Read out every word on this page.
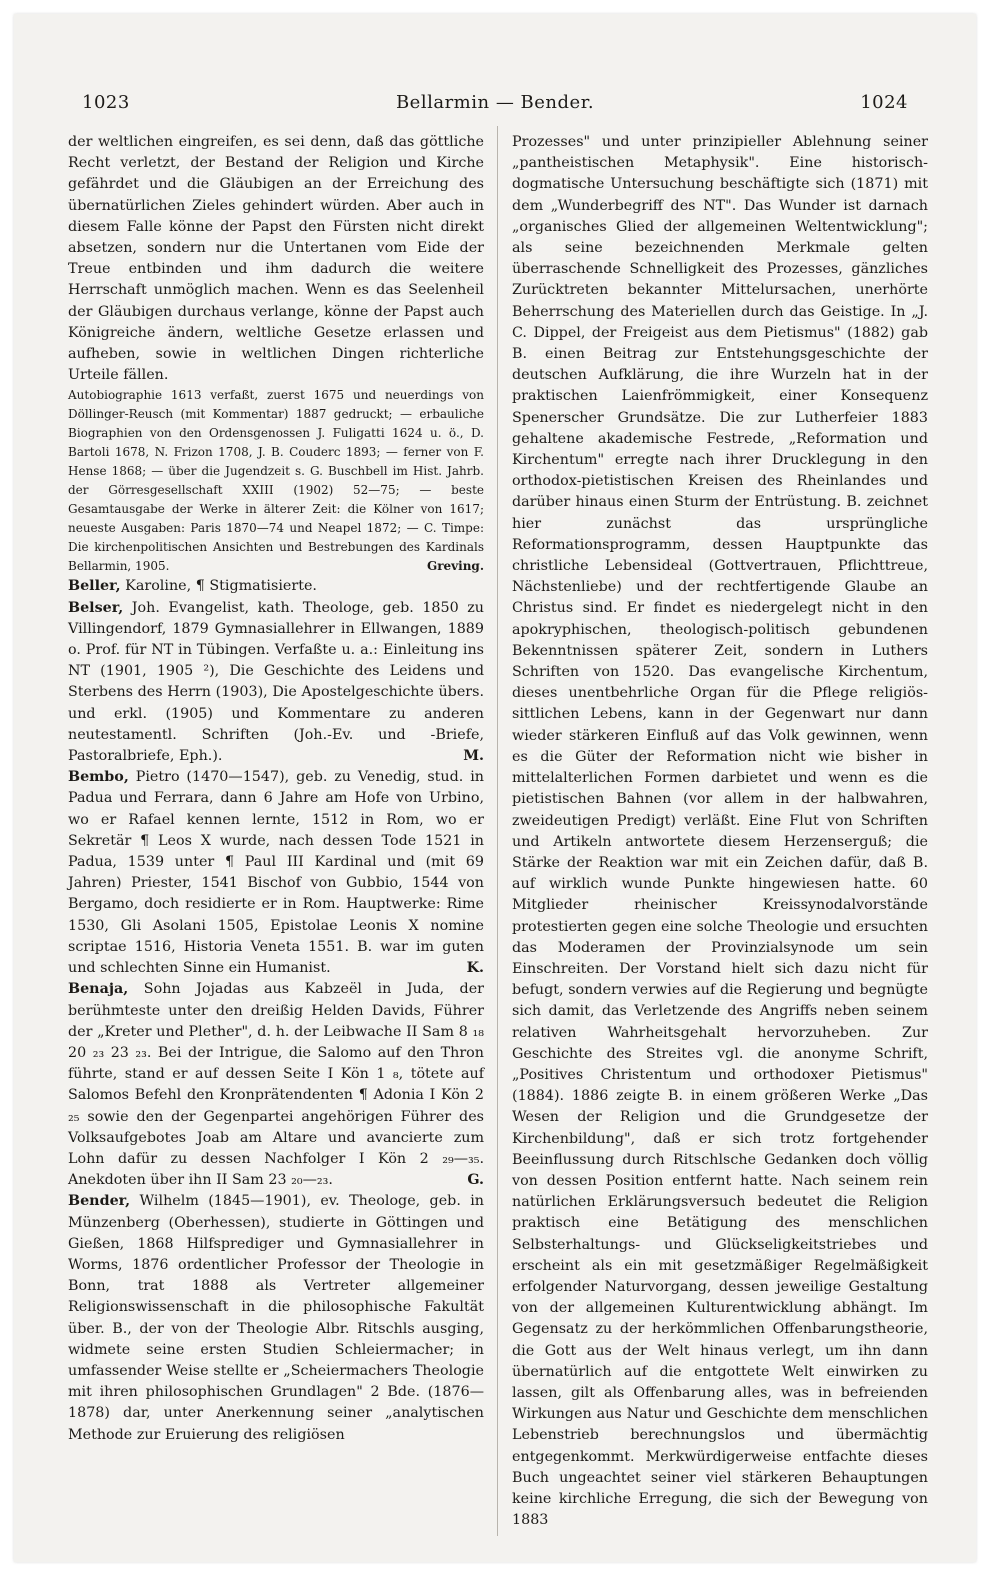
1023	Bellarmin — Bender.	1024

der weltlichen eingreifen, es sei denn, daß das göttliche Recht verletzt, der Bestand der Religion und Kirche gefährdet und die Gläubigen an der Erreichung des übernatürlichen Zieles gehindert würden. Aber auch in diesem Falle könne der Papst den Fürsten nicht direkt absetzen, sondern nur die Untertanen vom Eide der Treue entbinden und ihm dadurch die weitere Herrschaft unmöglich machen. Wenn es das Seelenheil der Gläubigen durchaus verlange, könne der Papst auch Königreiche ändern, weltliche Gesetze erlassen und aufheben, sowie in weltlichen Dingen richterliche Urteile fällen.

Autobiographie 1613 verfaßt, zuerst 1675 und neuerdings von Döllinger-Reusch (mit Kommentar) 1887 gedruckt; — erbauliche Biographien von den Ordensgenossen J. Fuligatti 1624 u. ö., D. Bartoli 1678, N. Frizon 1708, J. B. Couderc 1893; — ferner von F. Hense 1868; — über die Jugendzeit s. G. Buschbell im Hist. Jahrb. der Görresgesellschaft XXIII (1902) 52—75; — beste Gesamtausgabe der Werke in älterer Zeit: die Kölner von 1617; neueste Ausgaben: Paris 1870—74 und Neapel 1872; — C. Timpe: Die kirchenpolitischen Ansichten und Bestrebungen des Kardinals Bellarmin, 1905.	Greving.

Beller, Karoline, ¶ Stigmatisierte.

Belser, Joh. Evangelist, kath. Theologe, geb. 1850 zu Villingendorf, 1879 Gymnasiallehrer in Ellwangen, 1889 o. Prof. für NT in Tübingen. Verfaßte u. a.: Einleitung ins NT (1901, 1905 ²), Die Geschichte des Leidens und Sterbens des Herrn (1903), Die Apostelgeschichte übers. und erkl. (1905) und Kommentare zu anderen neutestamentl. Schriften (Joh.-Ev. und -Briefe, Pastoralbriefe, Eph.).	M.

Bembo, Pietro (1470—1547), geb. zu Venedig, stud. in Padua und Ferrara, dann 6 Jahre am Hofe von Urbino, wo er Rafael kennen lernte, 1512 in Rom, wo er Sekretär ¶ Leos X wurde, nach dessen Tode 1521 in Padua, 1539 unter ¶ Paul III Kardinal und (mit 69 Jahren) Priester, 1541 Bischof von Gubbio, 1544 von Bergamo, doch residierte er in Rom. Hauptwerke: Rime 1530, Gli Asolani 1505, Epistolae Leonis X nomine scriptae 1516, Historia Veneta 1551. B. war im guten und schlechten Sinne ein Humanist.	K.

Benaja, Sohn Jojadas aus Kabzeël in Juda, der berühmteste unter den dreißig Helden Davids, Führer der „Kreter und Plether", d. h. der Leibwache II Sam 8 ₁₈ 20 ₂₃ 23 ₂₃. Bei der Intrigue, die Salomo auf den Thron führte, stand er auf dessen Seite I Kön 1 ₈, tötete auf Salomos Befehl den Kronprätendenten ¶ Adonia I Kön 2 ₂₅ sowie den der Gegenpartei angehörigen Führer des Volksaufgebotes Joab am Altare und avancierte zum Lohn dafür zu dessen Nachfolger I Kön 2 ₂₉—₃₅. Anekdoten über ihn II Sam 23 ₂₀—₂₃.	G.

Bender, Wilhelm (1845—1901), ev. Theologe, geb. in Münzenberg (Oberhessen), studierte in Göttingen und Gießen, 1868 Hilfsprediger und Gymnasiallehrer in Worms, 1876 ordentlicher Professor der Theologie in Bonn, trat 1888 als Vertreter allgemeiner Religionswissenschaft in die philosophische Fakultät über. B., der von der Theologie Albr. Ritschls ausging, widmete seine ersten Studien Schleiermacher; in umfassender Weise stellte er „Scheiermachers Theologie mit ihren philosophischen Grundlagen" 2 Bde. (1876—1878) dar, unter Anerkennung seiner „analytischen Methode zur Eruierung des religiösen

Prozesses" und unter prinzipieller Ablehnung seiner „pantheistischen Metaphysik". Eine historisch-dogmatische Untersuchung beschäftigte sich (1871) mit dem „Wunderbegriff des NT". Das Wunder ist darnach „organisches Glied der allgemeinen Weltentwicklung"; als seine bezeichnenden Merkmale gelten überraschende Schnelligkeit des Prozesses, gänzliches Zurücktreten bekannter Mittelursachen, unerhörte Beherrschung des Materiellen durch das Geistige. In „J. C. Dippel, der Freigeist aus dem Pietismus" (1882) gab B. einen Beitrag zur Entstehungsgeschichte der deutschen Aufklärung, die ihre Wurzeln hat in der praktischen Laienfrömmigkeit, einer Konsequenz Spenerscher Grundsätze. Die zur Lutherfeier 1883 gehaltene akademische Festrede, „Reformation und Kirchentum" erregte nach ihrer Drucklegung in den orthodox-pietistischen Kreisen des Rheinlandes und darüber hinaus einen Sturm der Entrüstung. B. zeichnet hier zunächst das ursprüngliche Reformationsprogramm, dessen Hauptpunkte das christliche Lebensideal (Gottvertrauen, Pflichttreue, Nächstenliebe) und der rechtfertigende Glaube an Christus sind. Er findet es niedergelegt nicht in den apokryphischen, theologisch-politisch gebundenen Bekenntnissen späterer Zeit, sondern in Luthers Schriften von 1520. Das evangelische Kirchentum, dieses unentbehrliche Organ für die Pflege religiös-sittlichen Lebens, kann in der Gegenwart nur dann wieder stärkeren Einfluß auf das Volk gewinnen, wenn es die Güter der Reformation nicht wie bisher in mittelalterlichen Formen darbietet und wenn es die pietistischen Bahnen (vor allem in der halbwahren, zweideutigen Predigt) verläßt. Eine Flut von Schriften und Artikeln antwortete diesem Herzenserguß; die Stärke der Reaktion war mit ein Zeichen dafür, daß B. auf wirklich wunde Punkte hingewiesen hatte. 60 Mitglieder rheinischer Kreissynodalvorstände protestierten gegen eine solche Theologie und ersuchten das Moderamen der Provinzialsynode um sein Einschreiten. Der Vorstand hielt sich dazu nicht für befugt, sondern verwies auf die Regierung und begnügte sich damit, das Verletzende des Angriffs neben seinem relativen Wahrheitsgehalt hervorzuheben. Zur Geschichte des Streites vgl. die anonyme Schrift, „Positives Christentum und orthodoxer Pietismus" (1884). 1886 zeigte B. in einem größeren Werke „Das Wesen der Religion und die Grundgesetze der Kirchenbildung", daß er sich trotz fortgehender Beeinflussung durch Ritschlsche Gedanken doch völlig von dessen Position entfernt hatte. Nach seinem rein natürlichen Erklärungsversuch bedeutet die Religion praktisch eine Betätigung des menschlichen Selbsterhaltungs- und Glückseligkeitstriebes und erscheint als ein mit gesetzmäßiger Regelmäßigkeit erfolgender Naturvorgang, dessen jeweilige Gestaltung von der allgemeinen Kulturentwicklung abhängt. Im Gegensatz zu der herkömmlichen Offenbarungstheorie, die Gott aus der Welt hinaus verlegt, um ihn dann übernatürlich auf die entgottete Welt einwirken zu lassen, gilt als Offenbarung alles, was in befreienden Wirkungen aus Natur und Geschichte dem menschlichen Lebenstrieb berechnungslos und übermächtig entgegenkommt. Merkwürdigerweise entfachte dieses Buch ungeachtet seiner viel stärkeren Behauptungen keine kirchliche Erregung, die sich der Bewegung von 1883
